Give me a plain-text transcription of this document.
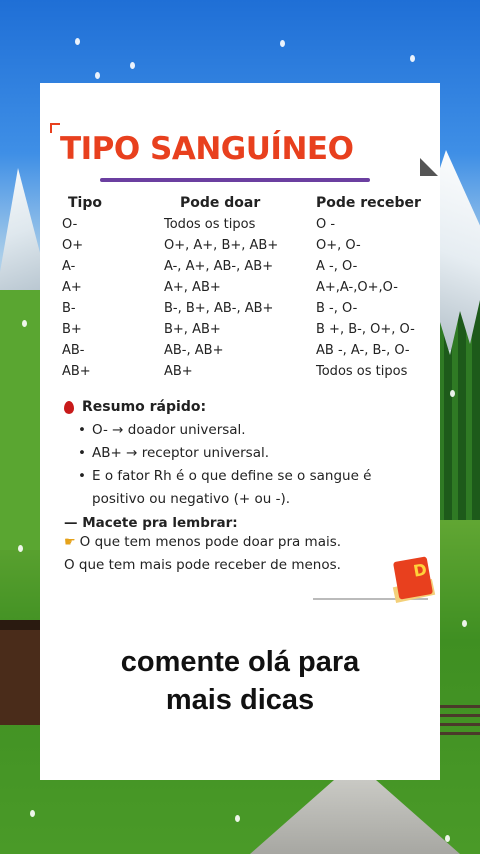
TIPO SANGUÍNEO
Tipo	Pode doar	Pode receber
O-	Todos os tipos	O -
O+	O+, A+, B+, AB+	O+, O-
A-	A-, A+, AB-, AB+	A -, O-
A+	A+, AB+	A+,A-,O+,O-
B-	B-, B+, AB-, AB+	B -, O-
B+	B+, AB+	B +, B-, O+, O-
AB-	AB-, AB+	AB -, A-, B-, O-
AB+	AB+	Todos os tipos
Resumo rápido:
• O- → doador universal.
• AB+ → receptor universal.
• E o fator Rh é o que define se o sangue é positivo ou negativo (+ ou -).
— Macete pra lembrar:
☛ O que tem menos pode doar pra mais.
O que tem mais pode receber de menos.	D
comente olá para
mais dicas
